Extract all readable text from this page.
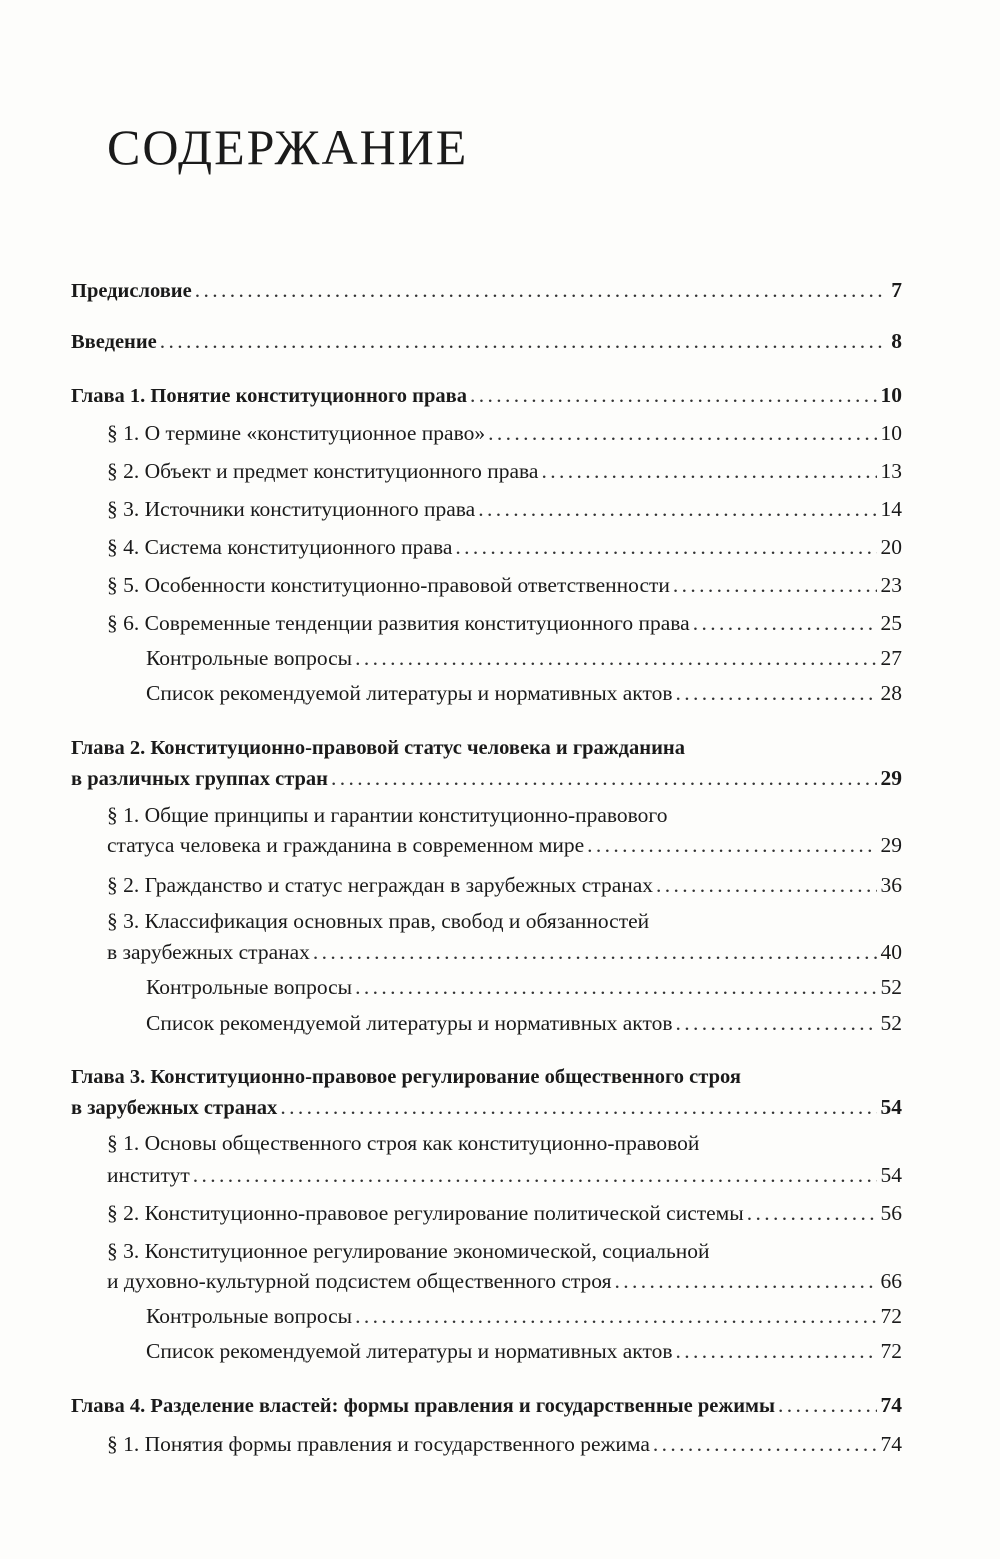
СОДЕРЖАНИЕ
Предисловие . . .	7
Введение . . .	8
Глава 1. Понятие конституционного права . . .	10
§ 1. О термине «конституционное право» . . .	10
§ 2. Объект и предмет конституционного права . . .	13
§ 3. Источники конституционного права . . .	14
§ 4. Система конституционного права . . .	20
§ 5. Особенности конституционно-правовой ответственности . . .	23
§ 6. Современные тенденции развития конституционного права . . .	25
Контрольные вопросы . . .	27
Список рекомендуемой литературы и нормативных актов . . .	28
Глава 2. Конституционно-правовой статус человека и гражданина
в различных группах стран . . .	29
§ 1. Общие принципы и гарантии конституционно-правового
статуса человека и гражданина в современном мире . . .	29
§ 2. Гражданство и статус неграждан в зарубежных странах . . .	36
§ 3. Классификация основных прав, свобод и обязанностей
в зарубежных странах . . .	40
Контрольные вопросы . . .	52
Список рекомендуемой литературы и нормативных актов . . .	52
Глава 3. Конституционно-правовое регулирование общественного строя
в зарубежных странах . . .	54
§ 1. Основы общественного строя как конституционно-правовой
институт . . .	54
§ 2. Конституционно-правовое регулирование политической системы . . .	56
§ 3. Конституционное регулирование экономической, социальной
и духовно-культурной подсистем общественного строя . . .	66
Контрольные вопросы . . .	72
Список рекомендуемой литературы и нормативных актов . . .	72
Глава 4. Разделение властей: формы правления и государственные режимы . . .	74
§ 1. Понятия формы правления и государственного режима . . .	74
